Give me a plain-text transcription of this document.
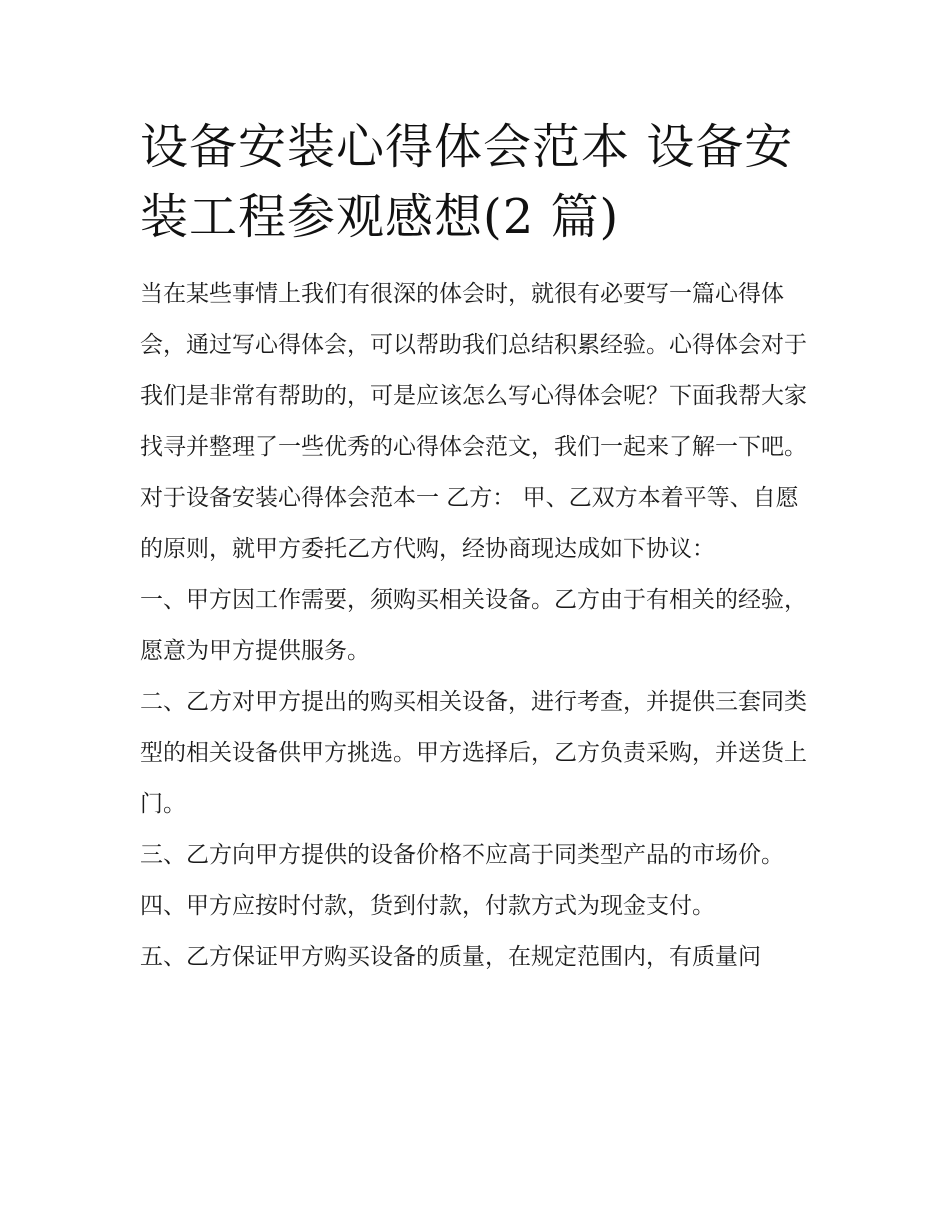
设备安装心得体会范本 设备安装工程参观感想(2 篇)

当在某些事情上我们有很深的体会时，就很有必要写一篇心得体会，通过写心得体会，可以帮助我们总结积累经验。心得体会对于我们是非常有帮助的，可是应该怎么写心得体会呢？下面我帮大家找寻并整理了一些优秀的心得体会范文，我们一起来了解一下吧。

对于设备安装心得体会范本一 乙方： 甲、乙双方本着平等、自愿的原则，就甲方委托乙方代购，经协商现达成如下协议：

一、甲方因工作需要，须购买相关设备。乙方由于有相关的经验，愿意为甲方提供服务。

二、乙方对甲方提出的购买相关设备，进行考查，并提供三套同类型的相关设备供甲方挑选。甲方选择后，乙方负责采购，并送货上门。

三、乙方向甲方提供的设备价格不应高于同类型产品的市场价。 四、甲方应按时付款，货到付款，付款方式为现金支付。

五、乙方保证甲方购买设备的质量，在规定范围内，有质量问
